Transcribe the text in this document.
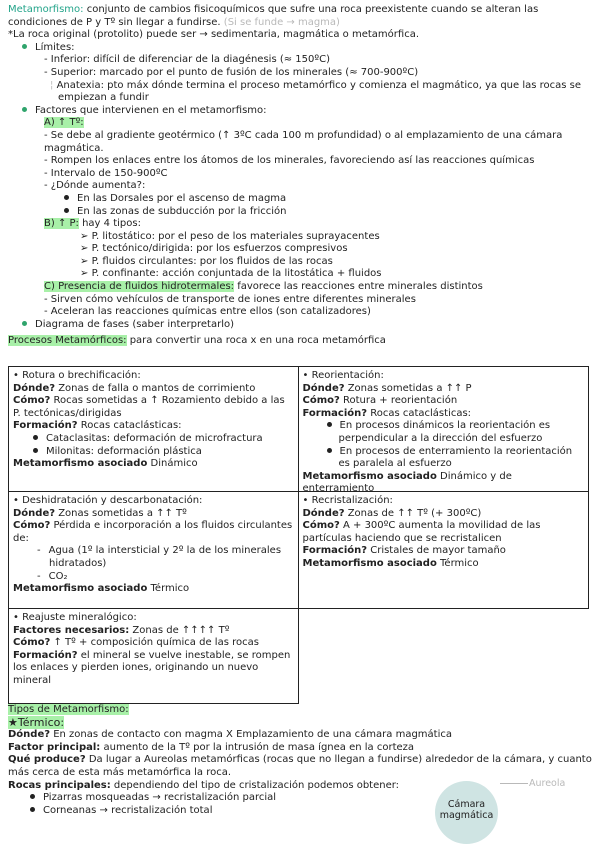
Metamorfismo: conjunto de cambios fisicoquímicos que sufre una roca preexistente cuando se alteran las condiciones de P y Tº sin llegar a fundirse. (Si se funde → magma)

*La roca original (protolito) puede ser → sedimentaria, magmática o metamórfica.

Límites:

- Inferior: difícil de diferenciar de la diagénesis (≈ 150ºC)

- Superior: marcado por el punto de fusión de los minerales (≈ 700-900ºC)

¦ Anatexia: pto máx dónde termina el proceso metamórfico y comienza el magmático, ya que las rocas se empiezan a fundir

Factores que intervienen en el metamorfismo:

A) ↑ Tº:

- Se debe al gradiente geotérmico (↑ 3ºC cada 100 m profundidad) o al emplazamiento de una cámara magmática.

- Rompen los enlaces entre los átomos de los minerales, favoreciendo así las reacciones químicas

- Intervalo de 150-900ºC

- ¿Dónde aumenta?:

En las Dorsales por el ascenso de magma

En las zonas de subducción por la fricción

B) ↑ P: hay 4 tipos:

➢ P. litostático: por el peso de los materiales suprayacentes

➢ P. tectónico/dirigida: por los esfuerzos compresivos

➢ P. fluidos circulantes: por los fluidos de las rocas

➢ P. confinante: acción conjuntada de la litostática + fluidos

C) Presencia de fluidos hidrotermales: favorece las reacciones entre minerales distintos

- Sirven cómo vehículos de transporte de iones entre diferentes minerales

- Aceleran las reacciones químicas entre ellos (son catalizadores)

Diagrama de fases (saber interpretarlo)

Procesos Metamórficos: para convertir una roca x en una roca metamórfica

• Rotura o brechificación:

Dónde? Zonas de falla o mantos de corrimiento

Cómo? Rocas sometidas a ↑ Rozamiento debido a las P. tectónicas/dirigidas

Formación? Rocas cataclásticas:

Cataclasitas: deformación de microfractura

Milonitas: deformación plástica

Metamorfismo asociado Dinámico

• Reorientación:

Dónde? Zonas sometidas a ↑↑ P

Cómo? Rotura + reorientación

Formación? Rocas cataclásticas:

En procesos dinámicos la reorientación es perpendicular a la dirección del esfuerzo

En procesos de enterramiento la reorientación es paralela al esfuerzo

Metamorfismo asociado Dinámico y de enterramiento

• Deshidratación y descarbonatación:

Dónde? Zonas sometidas a ↑↑ Tº

Cómo? Pérdida e incorporación a los fluidos circulantes de:

- Agua (1º la intersticial y 2º la de los minerales hidratados)

- CO₂

Metamorfismo asociado Térmico

• Recristalización:

Dónde? Zonas de ↑↑ Tº (+ 300ºC)

Cómo? A + 300ºC aumenta la movilidad de las partículas haciendo que se recristalicen

Formación? Cristales de mayor tamaño

Metamorfismo asociado Térmico

• Reajuste mineralógico:

Factores necesarios: Zonas de ↑↑↑↑ Tº

Cómo? ↑ Tº + composición química de las rocas

Formación? el mineral se vuelve inestable, se rompen los enlaces y pierden iones, originando un nuevo mineral

Tipos de Metamorfismo:

★Térmico:

Dónde? En zonas de contacto con magma X Emplazamiento de una cámara magmática

Factor principal: aumento de la Tº por la intrusión de masa ígnea en la corteza

Qué produce? Da lugar a Aureolas metamórficas (rocas que no llegan a fundirse) alrededor de la cámara, y cuanto más cerca de esta más metamórfica la roca.

Rocas principales: dependiendo del tipo de cristalización podemos obtener:

Pizarras mosqueadas → recristalización parcial

Corneanas → recristalización total

Cámara magmática
Aureola
